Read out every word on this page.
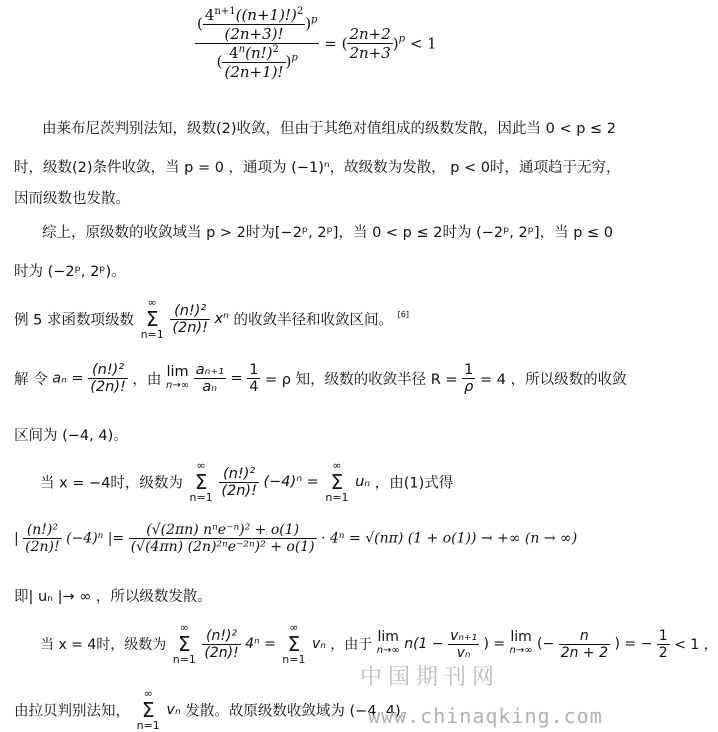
$\frac{( \frac{4^{n+1}((n+1)!)^2}{(2n+3)!} )^p}{( \frac{4^n(n!)^2}{(2n+1)!} )^p}$ = ( $\frac{2n+2}{2n+3} )^p < 1$
由莱布尼茨判别法知，级数(2)收敛，但由于其绝对值组成的级数发散，因此当 0 < p ≤ 2
时，级数(2)条件收敛，当 p = 0 ，通项为 (−1)ⁿ，故级数为发散， p < 0时，通项趋于无穷，
因而级数也发散。
综上，原级数的收敛域当 p > 2时为[−2ᵖ, 2ᵖ]，当 0 < p ≤ 2时为 (−2ᵖ, 2ᵖ]，当 p ≤ 0
时为 (−2ᵖ, 2ᵖ)。
例 5 求函数项级数 ∞
Σ
$n=1 \frac{\text{(n!)²}}{(2n)!}$ xⁿ 的收敛半径和收敛区间。 [6]
解 令 $a_n = \frac{\text{(n!)²}}{(2n)!}$ ，由
lim
n→∞
$\frac{\text{aₙ₊₁}}{\text{aₙ}} = \frac{1}{4} = \rho$ 知，级数的收敛半径 $R = \frac{1}{\rho} = 4$ ，所以级数的收敛
区间为 (−4, 4)。
当 x = −4时，级数为 ∞
Σ
$n=1 \frac{\text{(n!)²}}{(2n)!} (-4)^n$ = ∞
Σ
n=1 uₙ ，由(1)式得
| $\frac{\text{(n!)²}}{(2n)!} (-4)^n$ |= $\frac{\text{(√(2πn) nⁿe⁻ⁿ)² + o(1)}}{\text{(√(4πn) (2n)²ⁿe⁻²ⁿ)² + o(1)}} \cdot 4^n = √(n\pi) (1 + o(1))$ → +∞ (n → ∞)
即| uₙ |→ ∞ ，所以级数发散。
当 x = 4时，级数为 ∞
Σ
$n=1 \frac{\text{(n!)²}}{(2n)!} 4^n$ = ∞
Σ
n=1 vₙ ，由于 lim
n→∞ $n(1 - \frac{\text{vₙ₊₁}}{\text{vₙ}}$ ) = lim
n→∞ (− $\frac{n}{2n + 2}$ ) = − $\frac{1}{2} < 1$ ，
中国期刊网
由拉贝判别法知， ∞
Σ
n=1 vₙ 发散。故原级数收敛域为 (−4, 4)。
www.chinaqking.com
